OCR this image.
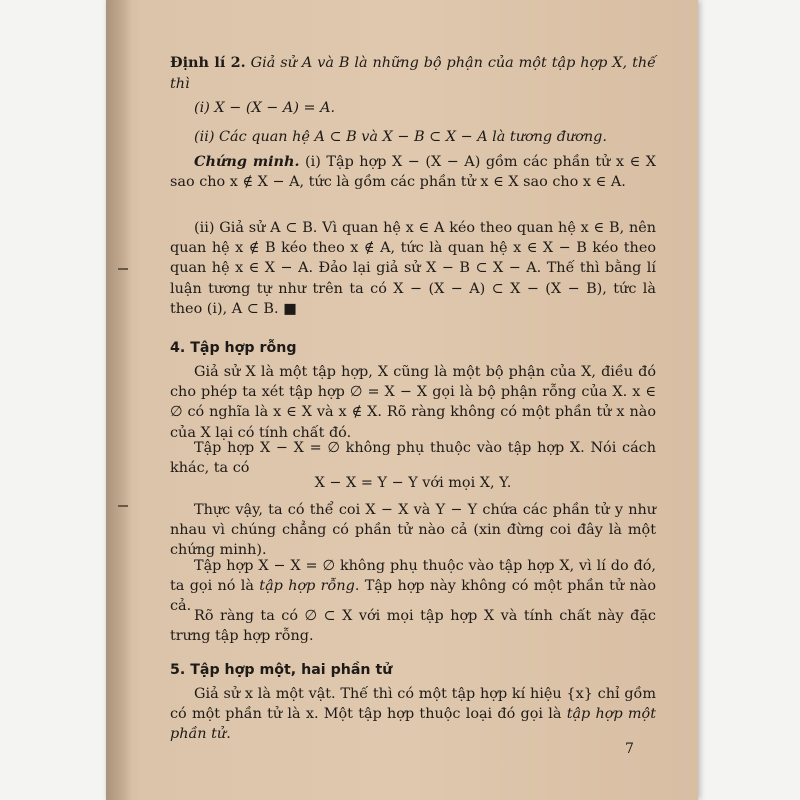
Định lí 2. Giả sử A và B là những bộ phận của một tập hợp X, thế thì

(i) X − (X − A) = A.

(ii) Các quan hệ A ⊂ B và X − B ⊂ X − A là tương đương.

Chứng minh. (i) Tập hợp X − (X − A) gồm các phần tử x ∈ X sao cho x ∉ X − A, tức là gồm các phần tử x ∈ X sao cho x ∈ A.

(ii) Giả sử A ⊂ B. Vì quan hệ x ∈ A kéo theo quan hệ x ∈ B, nên quan hệ x ∉ B kéo theo x ∉ A, tức là quan hệ x ∈ X − B kéo theo quan hệ x ∈ X − A. Đảo lại giả sử X − B ⊂ X − A. Thế thì bằng lí luận tương tự như trên ta có X − (X − A) ⊂ X − (X − B), tức là theo (i), A ⊂ B. ■

4. Tập hợp rỗng

Giả sử X là một tập hợp, X cũng là một bộ phận của X, điều đó cho phép ta xét tập hợp ∅ = X − X gọi là bộ phận rỗng của X. x ∈ ∅ có nghĩa là x ∈ X và x ∉ X. Rõ ràng không có một phần tử x nào của X lại có tính chất đó.

Tập hợp X − X = ∅ không phụ thuộc vào tập hợp X. Nói cách khác, ta có

X − X = Y − Y với mọi X, Y.

Thực vậy, ta có thể coi X − X và Y − Y chứa các phần tử y như nhau vì chúng chẳng có phần tử nào cả (xin đừng coi đây là một chứng minh).

Tập hợp X − X = ∅ không phụ thuộc vào tập hợp X, vì lí do đó, ta gọi nó là tập hợp rỗng. Tập hợp này không có một phần tử nào cả.

Rõ ràng ta có ∅ ⊂ X với mọi tập hợp X và tính chất này đặc trưng tập hợp rỗng.

5. Tập hợp một, hai phần tử

Giả sử x là một vật. Thế thì có một tập hợp kí hiệu {x} chỉ gồm có một phần tử là x. Một tập hợp thuộc loại đó gọi là tập hợp một phần tử.

7
